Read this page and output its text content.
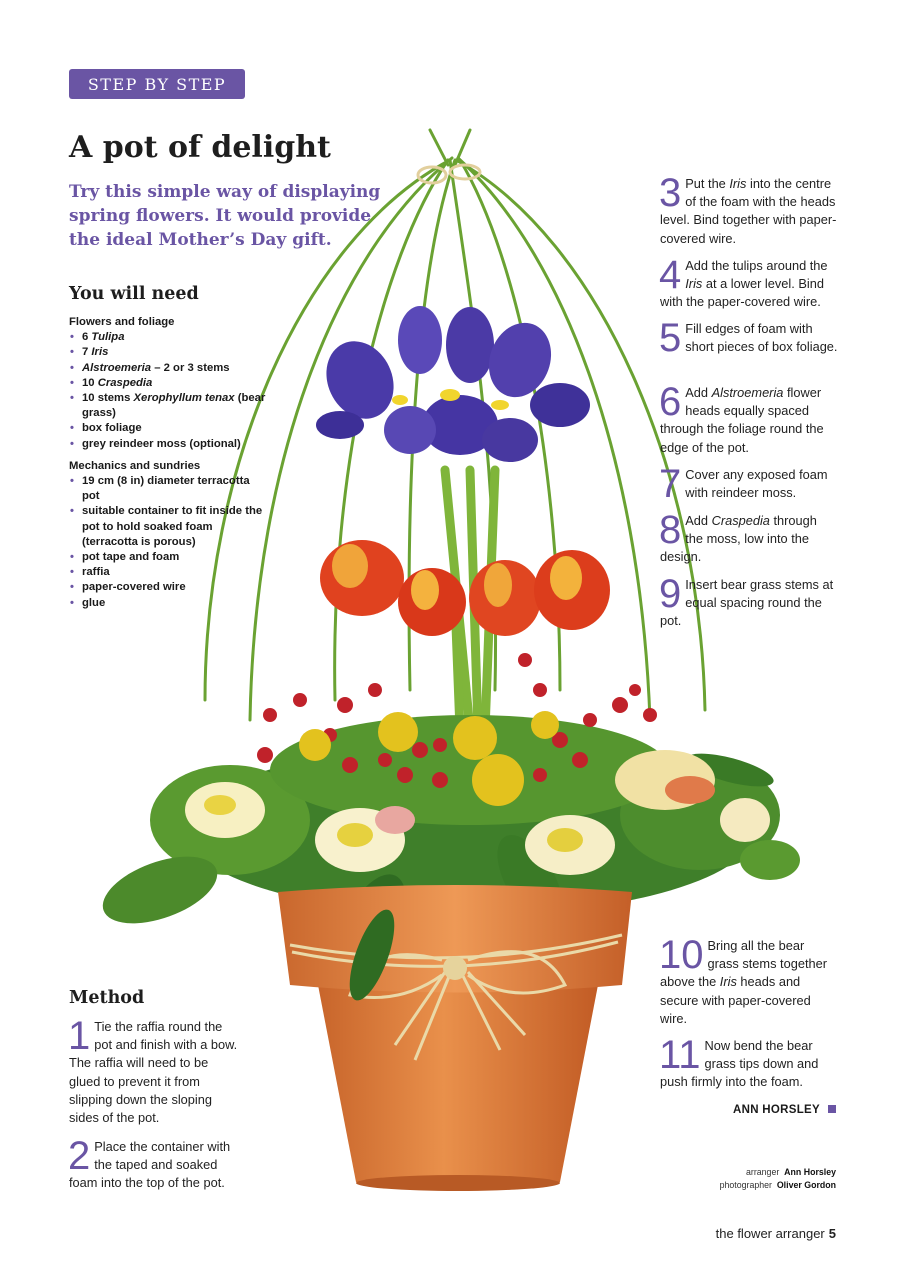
STEP BY STEP
A pot of delight

Try this simple way of displaying spring flowers. It would provide the ideal Mother’s Day gift.

You will need

Flowers and foliage

• 6 Tulipa
• 7 Iris
• Alstroemeria – 2 or 3 stems
• 10 Craspedia
• 10 stems Xerophyllum tenax (bear grass)
• box foliage
• grey reindeer moss (optional)

Mechanics and sundries

• 19 cm (8 in) diameter terracotta pot
• suitable container to fit inside the pot to hold soaked foam (terracotta is porous)
• pot tape and foam
• raffia
• paper-covered wire
• glue
Method
1 Tie the raffia round the pot and finish with a bow. The raffia will need to be glued to prevent it from slipping down the sloping sides of the pot.
2 Place the container with the taped and soaked foam into the top of the pot.
3 Put the Iris into the centre of the foam with the heads level. Bind together with paper-covered wire.
4 Add the tulips around the Iris at a lower level. Bind with the paper-covered wire.
5 Fill edges of foam with short pieces of box foliage.
6 Add Alstroemeria flower heads equally spaced through the foliage round the edge of the pot.
7 Cover any exposed foam with reindeer moss.
8 Add Craspedia through the moss, low into the design.
9 Insert bear grass stems at equal spacing round the pot.
10 Bring all the bear grass stems together above the Iris heads and secure with paper-covered wire.
11 Now bend the bear grass tips down and push firmly into the foam.
ANN HORSLEY
arranger Ann Horsley
photographer Oliver Gordon
the flower arranger 5
